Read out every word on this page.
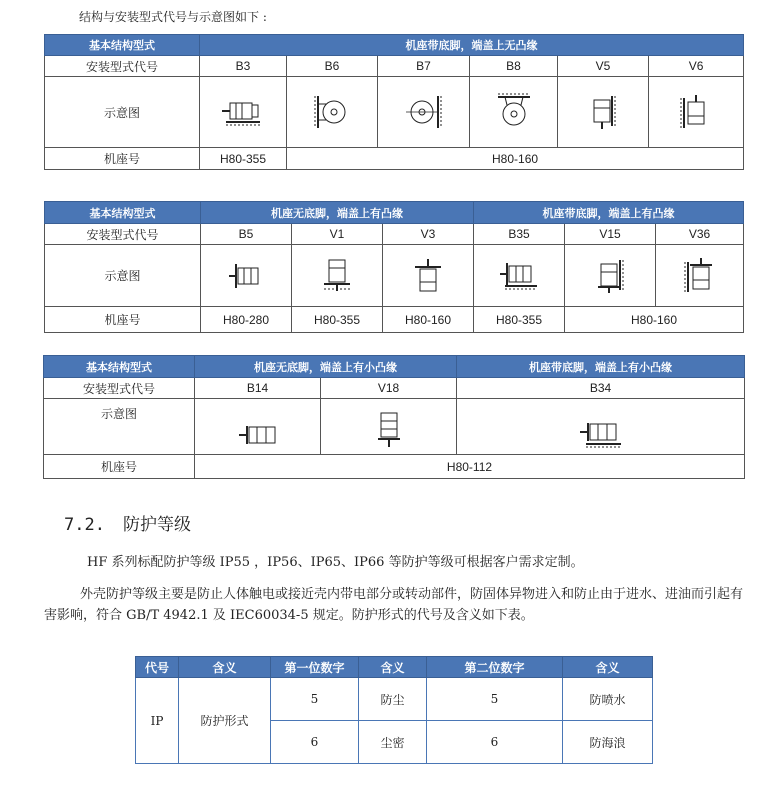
结构与安装型式代号与示意图如下 :
基本结构型式	机座带底脚，端盖上无凸缘					
安装型式代号	B3	B6	B7	B8	V5	V6
示意图	

机座号	H80-355	H80-160				
基本结构型式	机座无底脚，端盖上有凸缘			机座带底脚，端盖上有凸缘		
安装型式代号	B5	V1	V3	B35	V15	V36
示意图	

机座号	H80-280	H80-355	H80-160	H80-355	H80-160	
基本结构型式	机座无底脚，端盖上有小凸缘		机座带底脚，端盖上有小凸缘
安装型式代号	B14	V18	B34
示意图	

机座号	H80-112		
7.2. 防护等级
HF 系列标配防护等级 IP55 ，IP56、IP65、IP66 等防护等级可根据客户需求定制。
外壳防护等级主要是防止人体触电或接近壳内带电部分或转动部件，防固体异物进入和防止由于进水、进油而引起有害影响，符合 GB/T 4942.1 及 IEC60034-5 规定。防护形式的代号及含义如下表。
代号	含义	第一位数字	含义	第二位数字	含义
IP	防护形式	5	防尘	5	防喷水
		6	尘密	6	防海浪
